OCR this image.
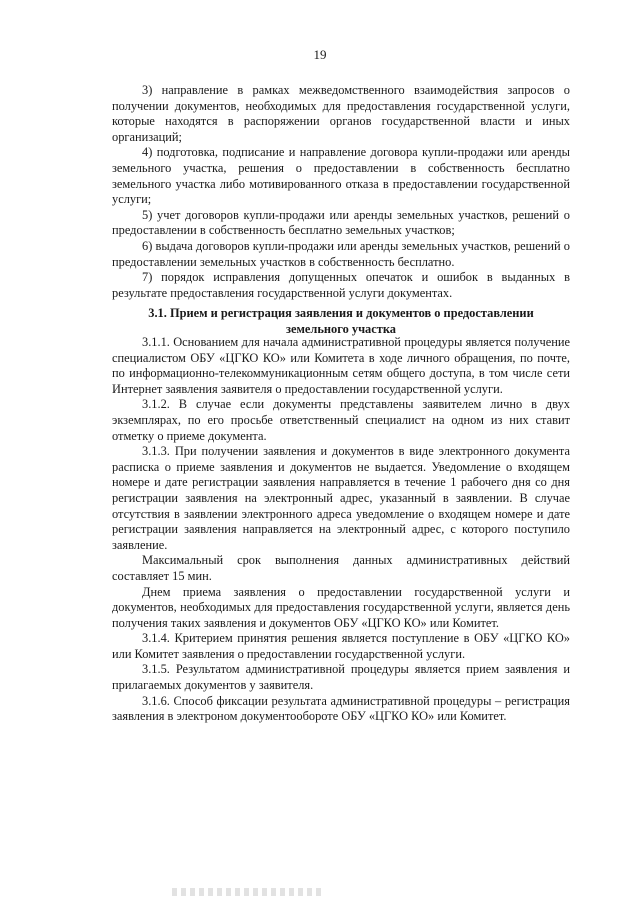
19

3) направление в рамках межведомственного взаимодействия запросов о получении документов, необходимых для предоставления государственной услуги, которые находятся в распоряжении органов государственной власти и иных организаций;

4) подготовка, подписание и направление договора купли-продажи или аренды земельного участка, решения о предоставлении в собственность бесплатно земельного участка либо мотивированного отказа в предоставлении государственной услуги;

5) учет договоров купли-продажи или аренды земельных участков, решений о предоставлении в собственность бесплатно земельных участков;

6) выдача договоров купли-продажи или аренды земельных участков, решений о предоставлении земельных участков в собственность бесплатно.

7) порядок исправления допущенных опечаток и ошибок в выданных в результате предоставления государственной услуги документах.

3.1. Прием и регистрация заявления и документов о предоставлении
земельного участка

3.1.1. Основанием для начала административной процедуры является получение специалистом ОБУ «ЦГКО КО» или Комитета в ходе личного обращения, по почте, по информационно-телекоммуникационным сетям общего доступа, в том числе сети Интернет заявления заявителя о предоставлении государственной услуги.

3.1.2. В случае если документы представлены заявителем лично в двух экземплярах, по его просьбе ответственный специалист на одном из них ставит отметку о приеме документа.

3.1.3. При получении заявления и документов в виде электронного документа расписка о приеме заявления и документов не выдается. Уведомление о входящем номере и дате регистрации заявления направляется в течение 1 рабочего дня со дня регистрации заявления на электронный адрес, указанный в заявлении. В случае отсутствия в заявлении электронного адреса уведомление о входящем номере и дате регистрации заявления направляется на электронный адрес, с которого поступило заявление.

Максимальный срок выполнения данных административных действий составляет 15 мин.

Днем приема заявления о предоставлении государственной услуги и документов, необходимых для предоставления государственной услуги, является день получения таких заявления и документов ОБУ «ЦГКО КО» или Комитет.

3.1.4. Критерием принятия решения является поступление в ОБУ «ЦГКО КО» или Комитет заявления о предоставлении государственной услуги.

3.1.5. Результатом административной процедуры является прием заявления и прилагаемых документов у заявителя.

3.1.6. Способ фиксации результата административной процедуры – регистрация заявления в электроном документообороте ОБУ «ЦГКО КО» или Комитет.
